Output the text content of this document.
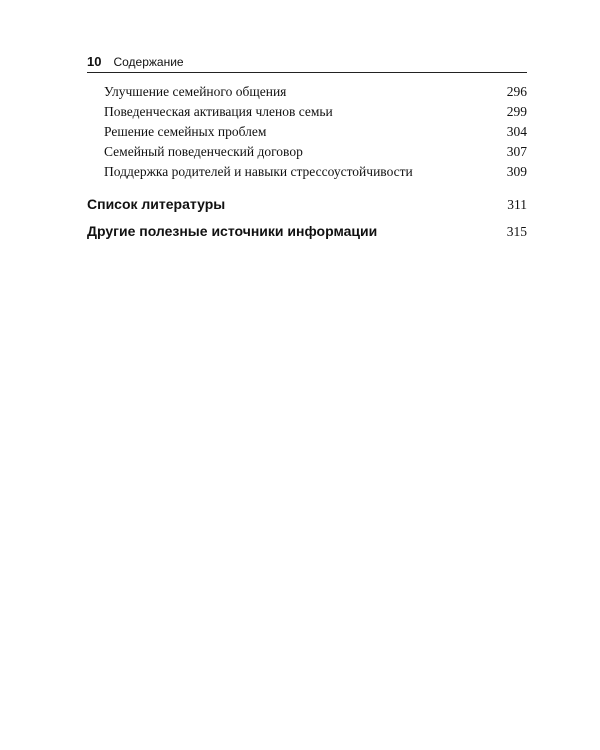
10 Содержание
Улучшение семейного общения	296
Поведенческая активация членов семьи	299
Решение семейных проблем	304
Семейный поведенческий договор	307
Поддержка родителей и навыки стрессоустойчивости	309
Список литературы	311
Другие полезные источники информации	315
